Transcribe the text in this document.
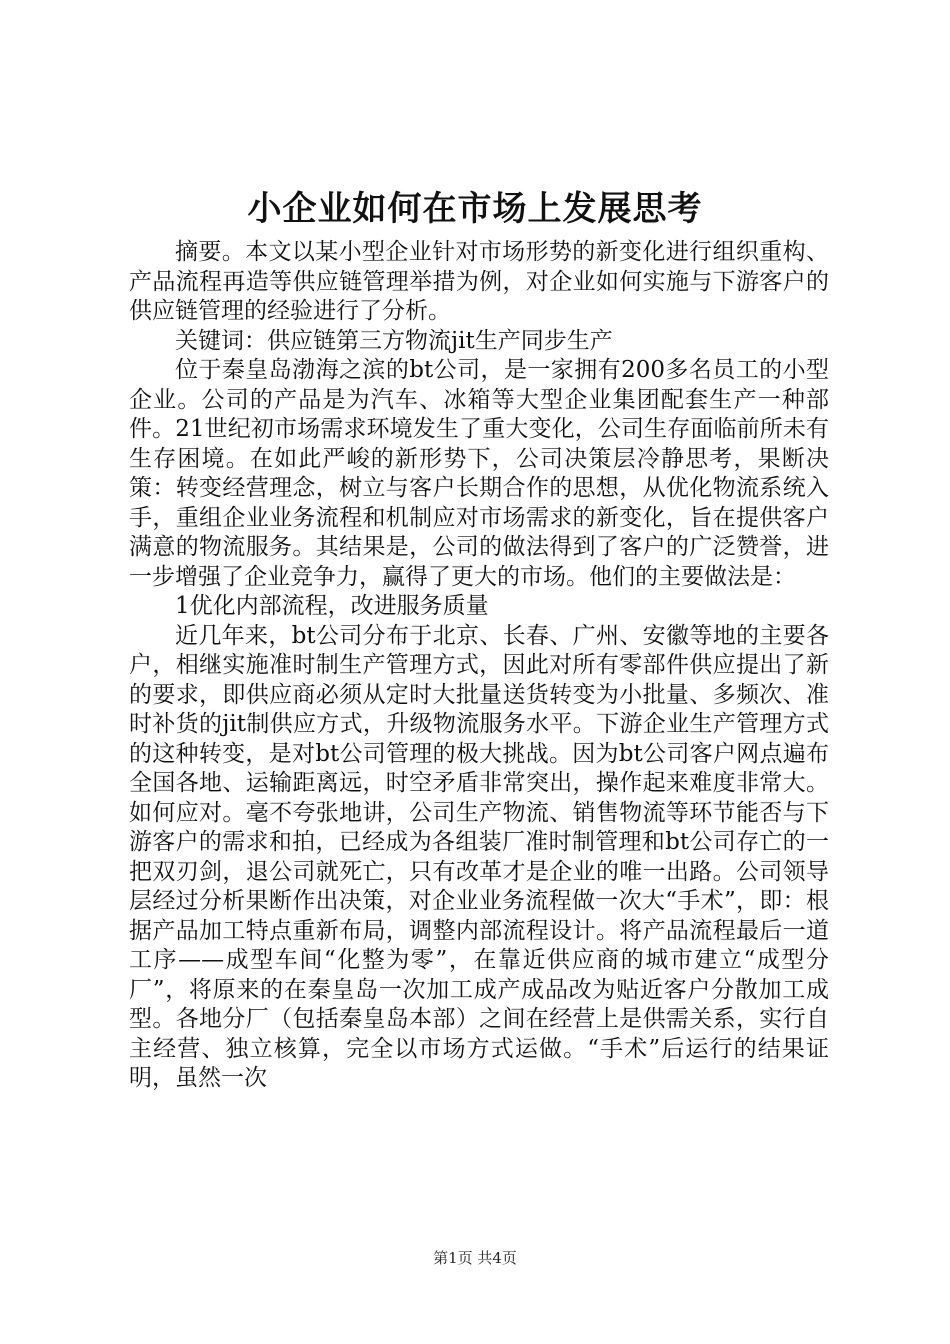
小企业如何在市场上发展思考

摘要。本文以某小型企业针对市场形势的新变化进行组织重构、产品流程再造等供应链管理举措为例，对企业如何实施与下游客户的供应链管理的经验进行了分析。

关键词：供应链第三方物流jit生产同步生产

位于秦皇岛渤海之滨的bt公司，是一家拥有200多名员工的小型企业。公司的产品是为汽车、冰箱等大型企业集团配套生产一种部件。21世纪初市场需求环境发生了重大变化，公司生存面临前所未有生存困境。在如此严峻的新形势下，公司决策层冷静思考，果断决策：转变经营理念，树立与客户长期合作的思想，从优化物流系统入手，重组企业业务流程和机制应对市场需求的新变化，旨在提供客户满意的物流服务。其结果是，公司的做法得到了客户的广泛赞誉，进一步增强了企业竞争力，赢得了更大的市场。他们的主要做法是：

1优化内部流程，改进服务质量

近几年来，bt公司分布于北京、长春、广州、安徽等地的主要各户，相继实施准时制生产管理方式，因此对所有零部件供应提出了新的要求，即供应商必须从定时大批量送货转变为小批量、多频次、准时补货的jit制供应方式，升级物流服务水平。下游企业生产管理方式的这种转变，是对bt公司管理的极大挑战。因为bt公司客户网点遍布全国各地、运输距离远，时空矛盾非常突出，操作起来难度非常大。如何应对。毫不夸张地讲，公司生产物流、销售物流等环节能否与下游客户的需求和拍，已经成为各组装厂准时制管理和bt公司存亡的一把双刃剑，退公司就死亡，只有改革才是企业的唯一出路。公司领导层经过分析果断作出决策，对企业业务流程做一次大“手术”，即：根据产品加工特点重新布局，调整内部流程设计。将产品流程最后一道工序——成型车间“化整为零”，在靠近供应商的城市建立“成型分厂”，将原来的在秦皇岛一次加工成产成品改为贴近客户分散加工成型。各地分厂（包括秦皇岛本部）之间在经营上是供需关系，实行自主经营、独立核算，完全以市场方式运做。“手术”后运行的结果证明，虽然一次

第1页 共4页
